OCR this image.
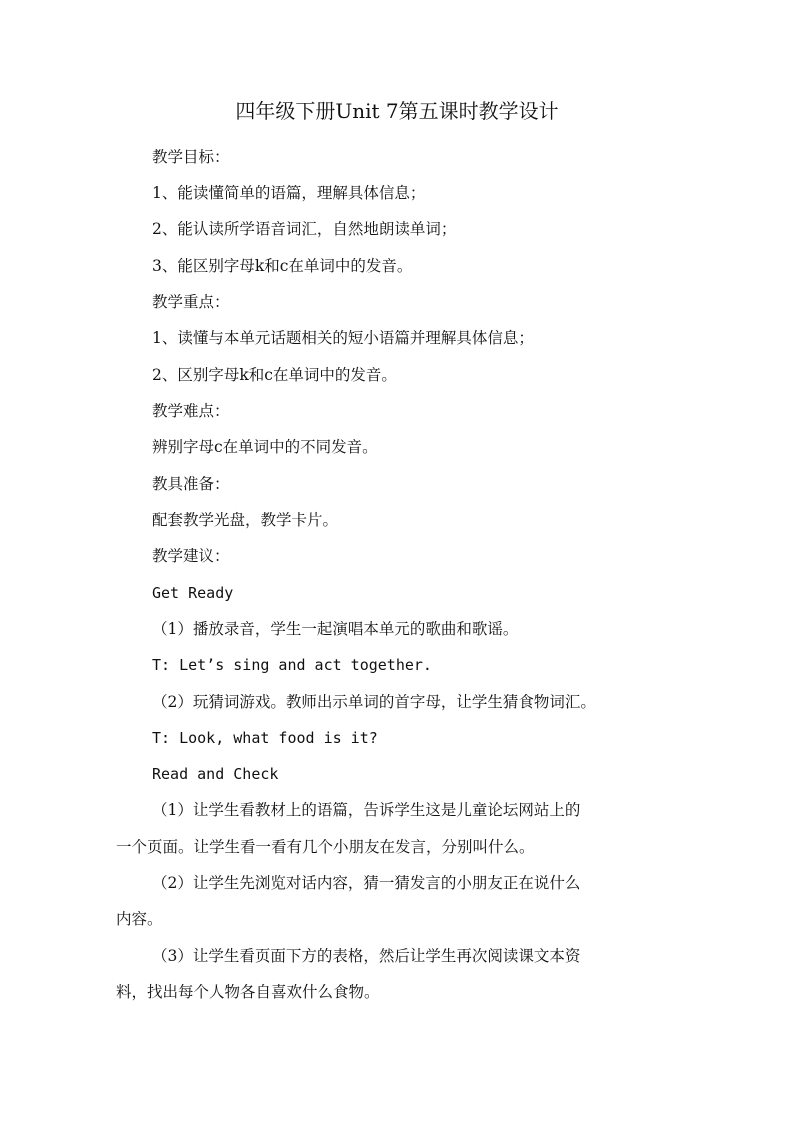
四年级下册Unit 7第五课时教学设计
教学目标：
1、能读懂简单的语篇，理解具体信息；
2、能认读所学语音词汇，自然地朗读单词；
3、能区别字母k和c在单词中的发音。
教学重点：
1、读懂与本单元话题相关的短小语篇并理解具体信息；
2、区别字母k和c在单词中的发音。
教学难点：
辨别字母c在单词中的不同发音。
教具准备：
配套教学光盘，教学卡片。
教学建议：
Get Ready
（1）播放录音，学生一起演唱本单元的歌曲和歌谣。
T: Let’s sing and act together.
（2）玩猜词游戏。教师出示单词的首字母，让学生猜食物词汇。
T: Look, what food is it?
Read and Check
（1）让学生看教材上的语篇，告诉学生这是儿童论坛网站上的
一个页面。让学生看一看有几个小朋友在发言，分别叫什么。
（2）让学生先浏览对话内容，猜一猜发言的小朋友正在说什么
内容。
（3）让学生看页面下方的表格，然后让学生再次阅读课文本资
料，找出每个人物各自喜欢什么食物。
